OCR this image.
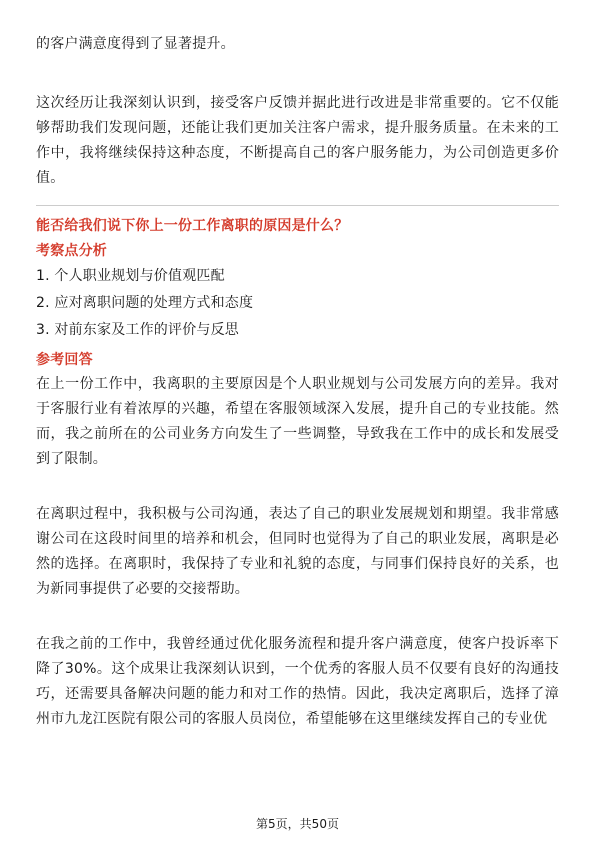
的客户满意度得到了显著提升。

这次经历让我深刻认识到，接受客户反馈并据此进行改进是非常重要的。它不仅能够帮助我们发现问题，还能让我们更加关注客户需求，提升服务质量。在未来的工作中，我将继续保持这种态度，不断提高自己的客户服务能力，为公司创造更多价值。

能否给我们说下你上一份工作离职的原因是什么？

考察点分析

1. 个人职业规划与价值观匹配

2. 应对离职问题的处理方式和态度

3. 对前东家及工作的评价与反思

参考回答

在上一份工作中，我离职的主要原因是个人职业规划与公司发展方向的差异。我对于客服行业有着浓厚的兴趣，希望在客服领域深入发展，提升自己的专业技能。然而，我之前所在的公司业务方向发生了一些调整，导致我在工作中的成长和发展受到了限制。

在离职过程中，我积极与公司沟通，表达了自己的职业发展规划和期望。我非常感谢公司在这段时间里的培养和机会，但同时也觉得为了自己的职业发展，离职是必然的选择。在离职时，我保持了专业和礼貌的态度，与同事们保持良好的关系，也为新同事提供了必要的交接帮助。

在我之前的工作中，我曾经通过优化服务流程和提升客户满意度，使客户投诉率下降了30%。这个成果让我深刻认识到，一个优秀的客服人员不仅要有良好的沟通技巧，还需要具备解决问题的能力和对工作的热情。因此，我决定离职后，选择了漳州市九龙江医院有限公司的客服人员岗位，希望能够在这里继续发挥自己的专业优

第5页，共50页
